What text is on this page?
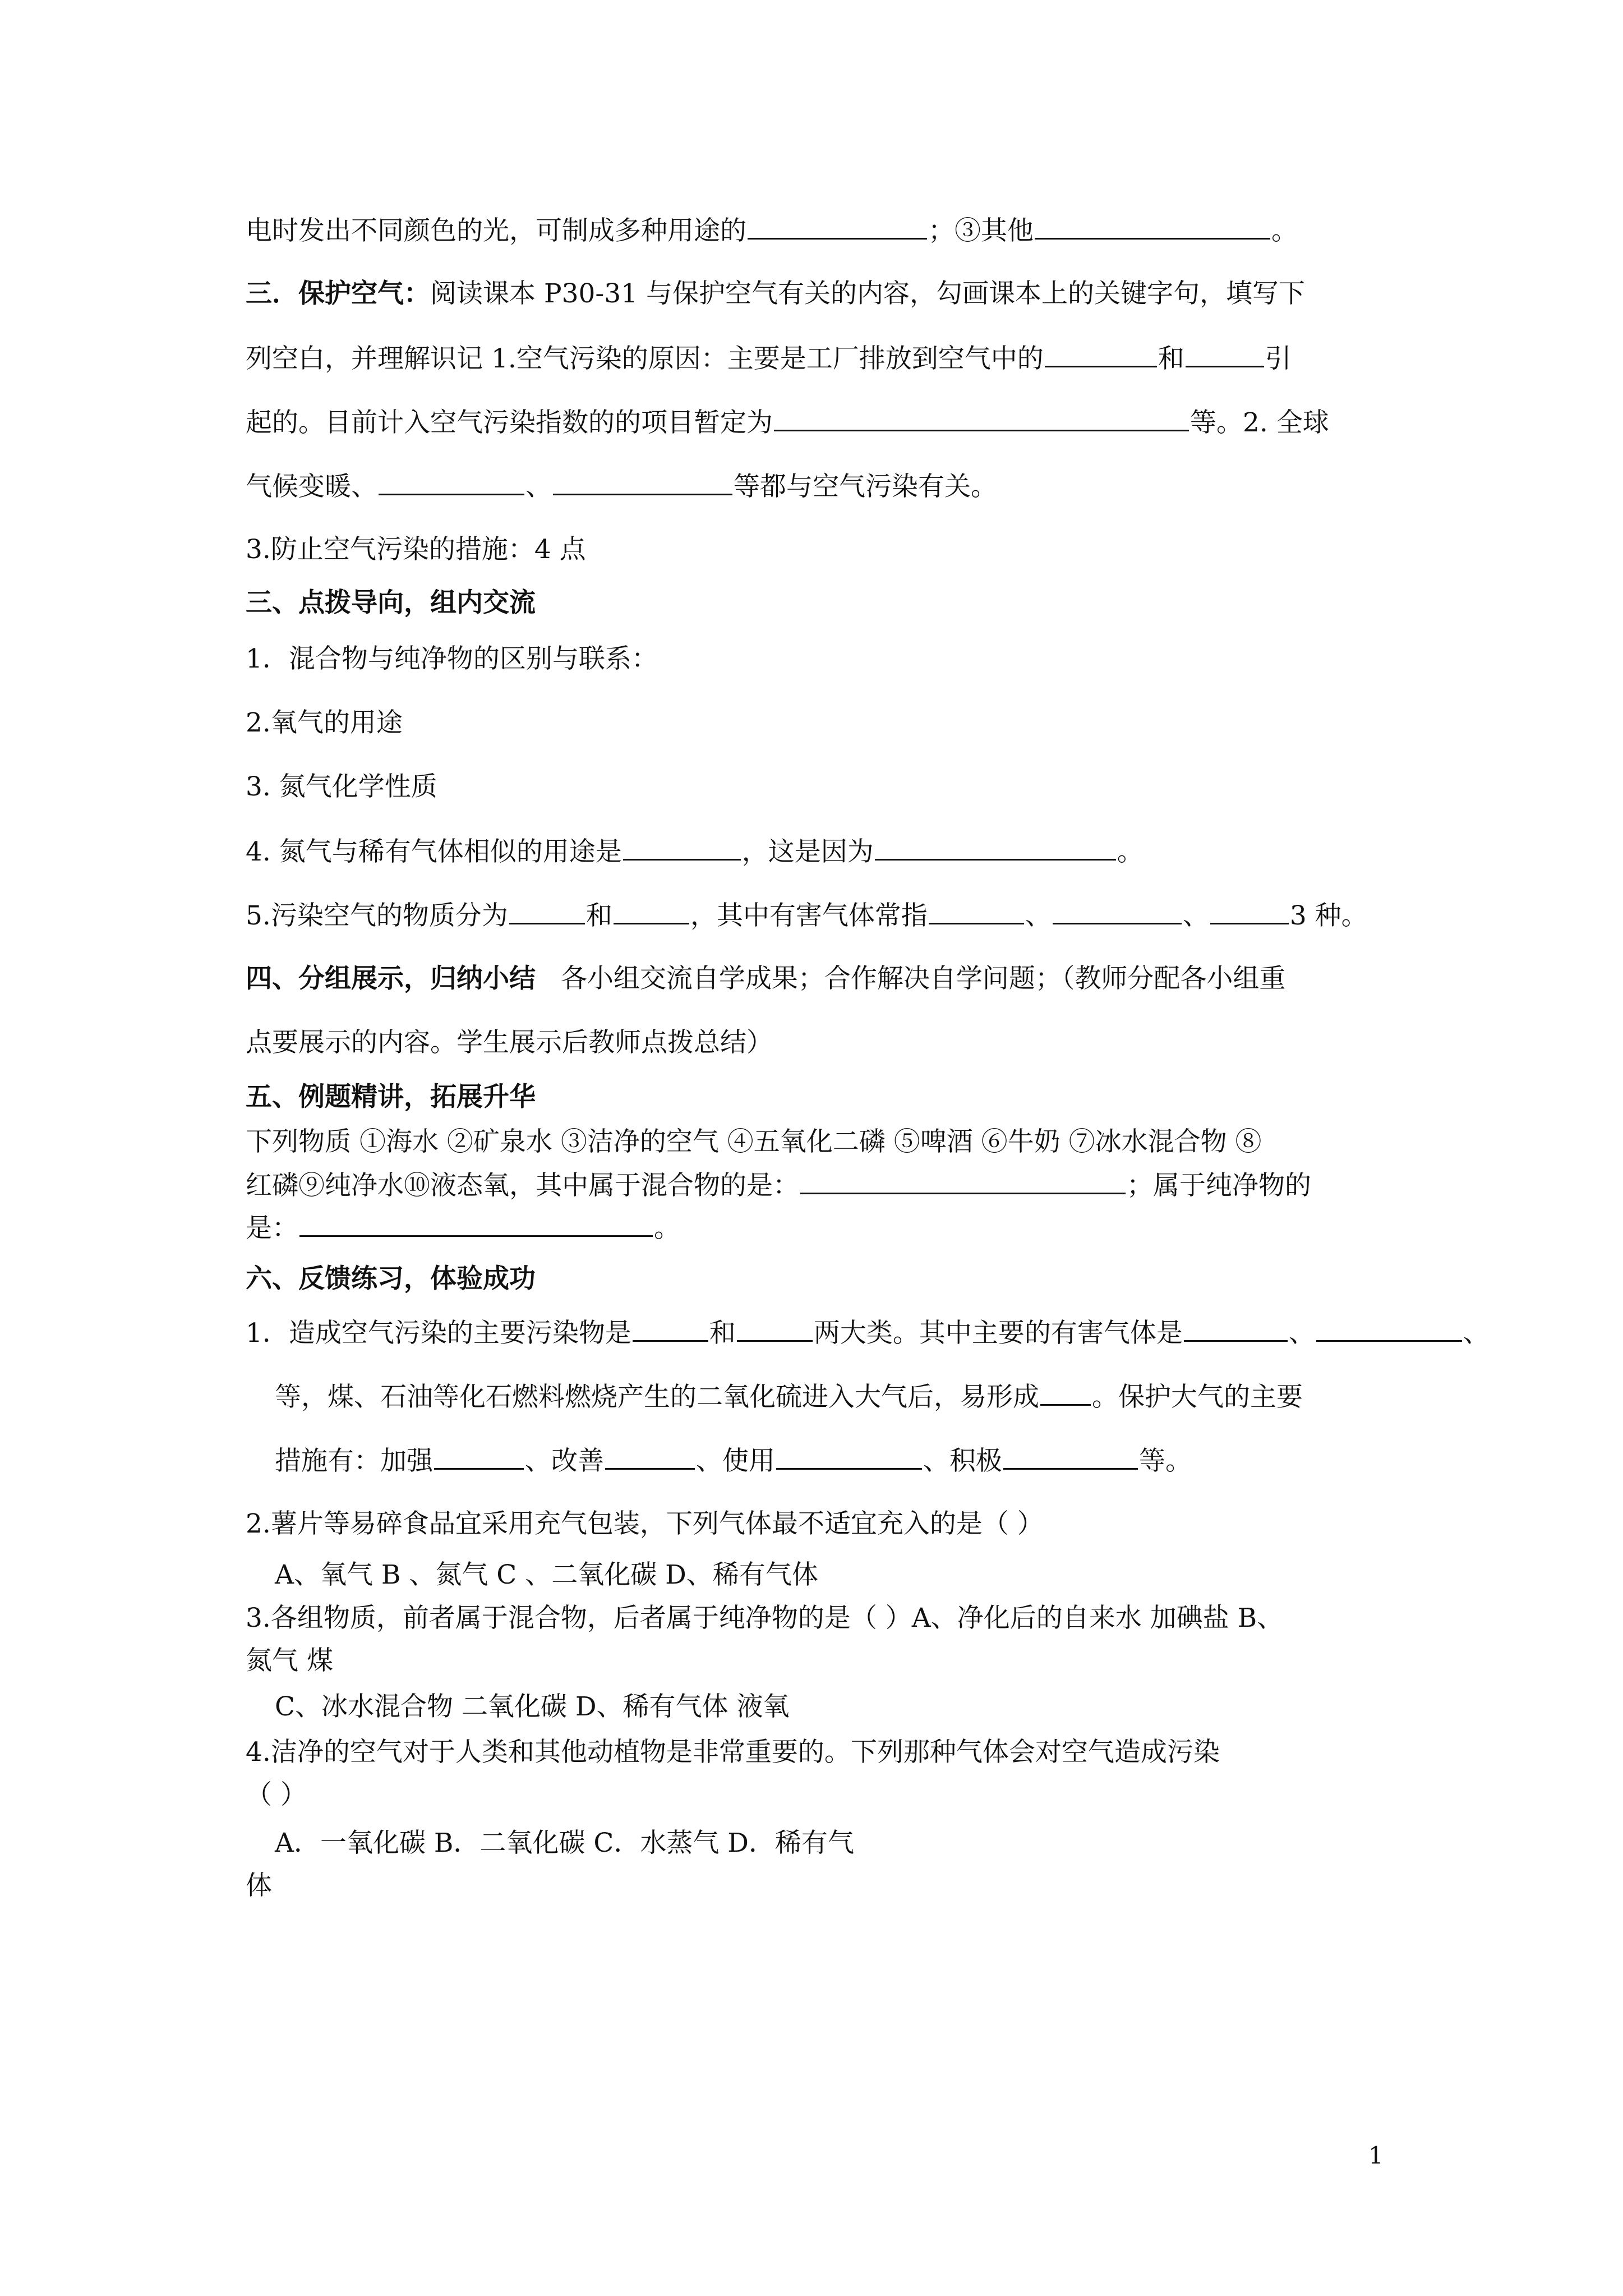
电时发出不同颜色的光，可制成多种用途的	；③其他	。
三．保护空气：阅读课本 P30-31 与保护空气有关的内容，勾画课本上的关键字句，填写下
列空白，并理解识记 1.空气污染的原因：主要是工厂排放到空气中的	和	引
起的。目前计入空气污染指数的的项目暂定为	等。2. 全球
气候变暖、	、	等都与空气污染有关。
3.防止空气污染的措施：4 点
三、点拨导向，组内交流
1．混合物与纯净物的区别与联系：
2.氧气的用途
3. 氮气化学性质
4. 氮气与稀有气体相似的用途是	，这是因为	。
5.污染空气的物质分为	和	，其中有害气体常指	、	、	3 种。
四、分组展示，归纳小结 各小组交流自学成果；合作解决自学问题；（教师分配各小组重
点要展示的内容。学生展示后教师点拨总结）
五、例题精讲，拓展升华
下列物质 ①海水 ②矿泉水 ③洁净的空气 ④五氧化二磷 ⑤啤酒 ⑥牛奶 ⑦冰水混合物 ⑧
红磷⑨纯净水⑩液态氧，其中属于混合物的是：	；属于纯净物的
是：	。
六、反馈练习，体验成功
1．造成空气污染的主要污染物是	和	两大类。其中主要的有害气体是	、	、
等，煤、石油等化石燃料燃烧产生的二氧化硫进入大气后，易形成 。保护大气的主要
措施有：加强	、改善	、使用	、积极	等。
2.薯片等易碎食品宜采用充气包装，下列气体最不适宜充入的是（ ）
A、氧气 B 、氮气 C 、二氧化碳 D、稀有气体
3.各组物质，前者属于混合物，后者属于纯净物的是（ ）A、净化后的自来水 加碘盐 B、
氮气 煤
C、冰水混合物 二氧化碳 D、稀有气体 液氧
4.洁净的空气对于人类和其他动植物是非常重要的。下列那种气体会对空气造成污染
（ ）
A．一氧化碳 B．二氧化碳 C．水蒸气 D．稀有气
体
1
